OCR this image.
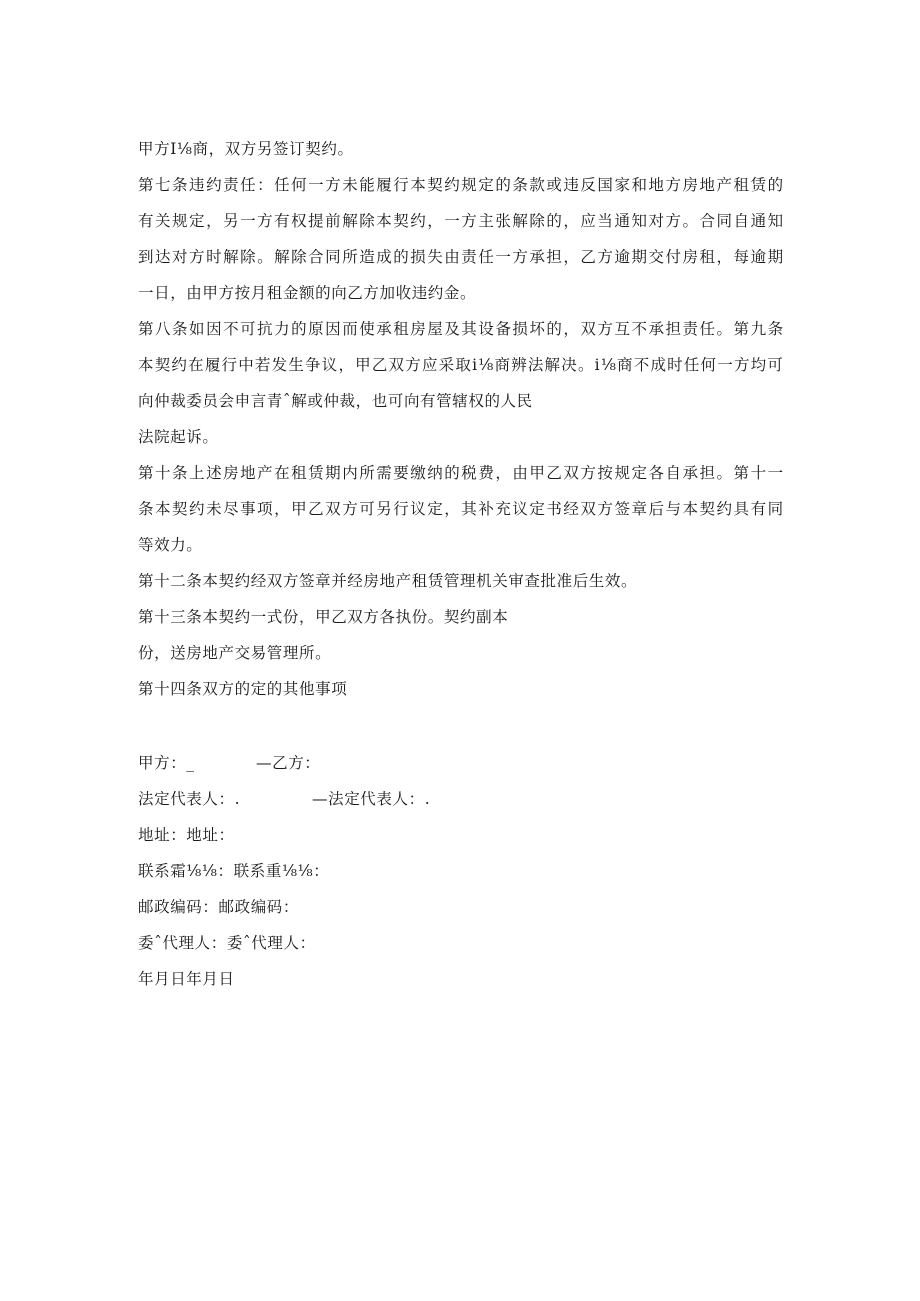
甲方I⅛商，双方另签订契约。
第 七 条 违 约 责 任 ： 任 何 一 方 未 能 履 行 本 契 约 规 定 的 条 款 或 违 反 国 家 和 地 方 房 地 产 租 赁 的
有 关 规 定 ， 另 一 方 有 权 提 前 解 除 本 契 约 ， 一 方 主 张 解 除 的 ， 应 当 通 知 对 方 。 合 同 自 通 知
到 达 对 方 时 解 除 。 解 除 合 同 所 造 成 的 损 失 由 责 任 一 方 承 担 ， 乙 方 逾 期 交 付 房 租 ， 每 逾 期
一日，由甲方按月租金额的向乙方加收违约金。
第 八 条 如 因 不 可 抗 力 的 原 因 而 使 承 租 房 屋 及 其 设 备 损 坏 的 ， 双 方 互 不 承 担 责 任 。 第 九 条
本 契 约 在 履 行 中 若 发 生 争 议 ， 甲 乙 双 方 应 采 取 i ⅛ 商 辨 法 解 决 。 i ⅛ 商 不 成 时 任 何 一 方 均 可
向仲裁委员会申言青ˆ解或仲裁，也可向有管辖权的人民
法院起诉。
第 十 条 上 述 房 地 产 在 租 赁 期 内 所 需 要 缴 纳 的 税 费 ， 由 甲 乙 双 方 按 规 定 各 自 承 担 。 第 十 一
条 本 契 约 未 尽 事 项 ， 甲 乙 双 方 可 另 行 议 定 ， 其 补 充 议 定 书 经 双 方 签 章 后 与 本 契 约 具 有 同
等效力。
第十二条本契约经双方签章并经房地产租赁管理机关审查批准后生效。
第十三条本契约一式份，甲乙双方各执份。契约副本
份，送房地产交易管理所。
第十四条双方的定的其他事项
甲方：_	—乙方：
法定代表人：.	—法定代表人：.
地址：地址：
联系霜⅛⅛：联系重⅛⅛：
邮政编码：邮政编码：
委ˆ代理人：委ˆ代理人：
年月日年月日
